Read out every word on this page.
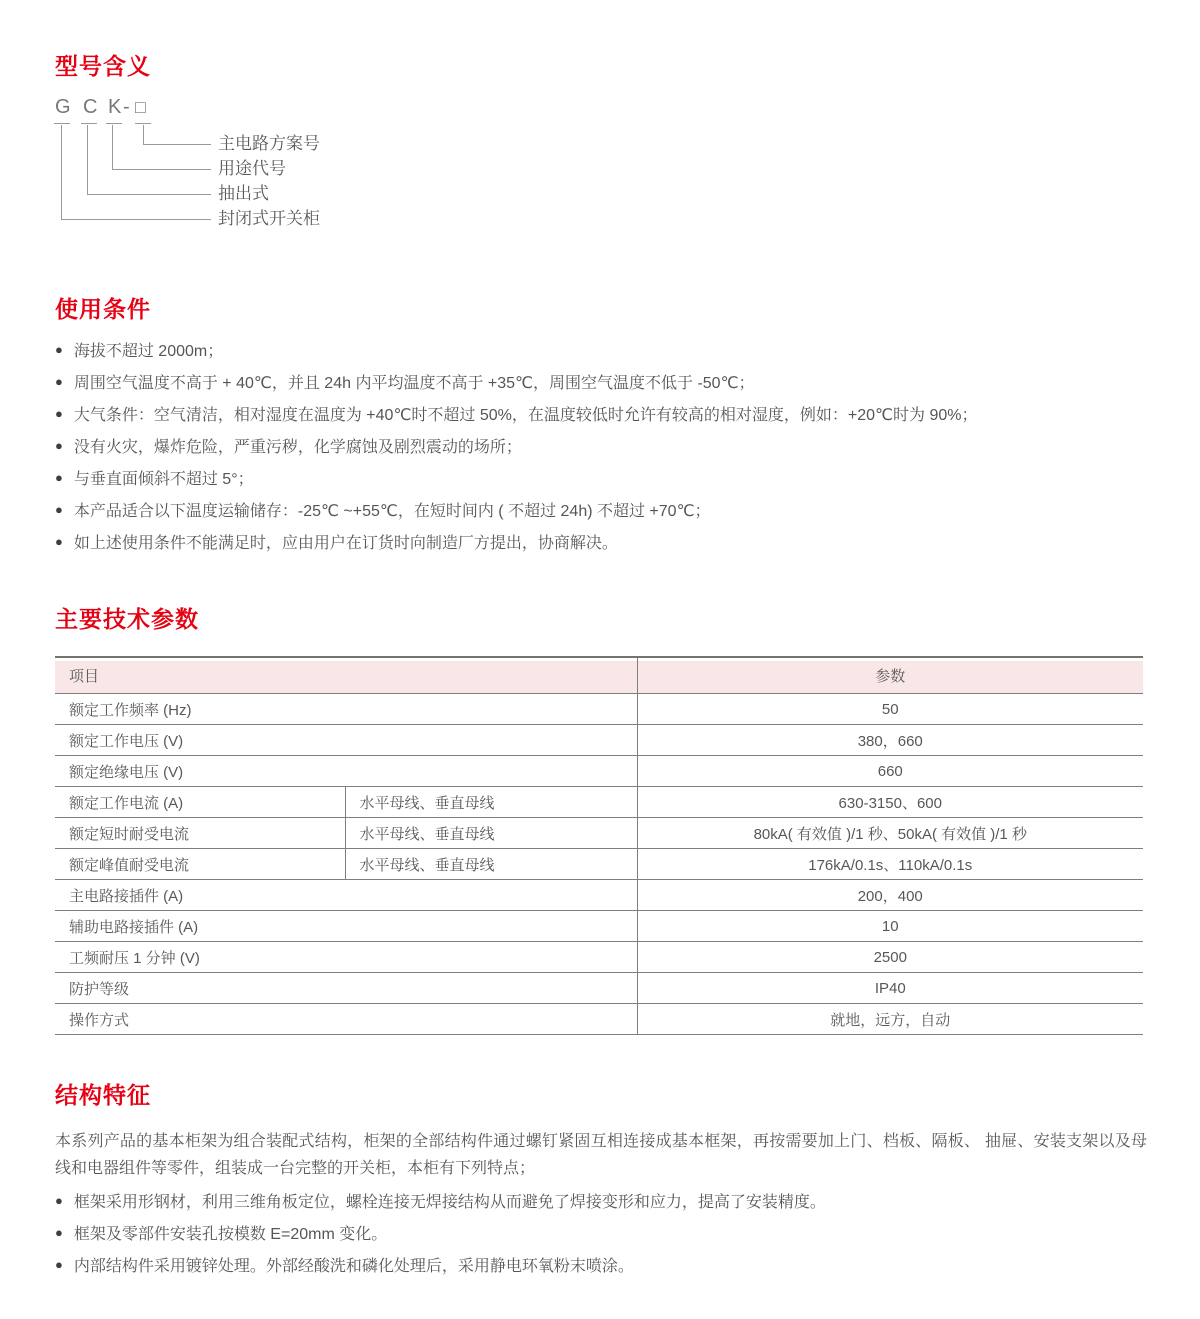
型号含义
G C K - □
主电路方案号
用途代号
抽出式
封闭式开关柜
使用条件
● 海拔不超过 2000m；
● 周围空气温度不高于 + 40℃，并且 24h 内平均温度不高于 +35℃，周围空气温度不低于 -50℃；
● 大气条件：空气清洁，相对湿度在温度为 +40℃时不超过 50%，在温度较低时允许有较高的相对湿度，例如：+20℃时为 90%；
● 没有火灾，爆炸危险，严重污秽，化学腐蚀及剧烈震动的场所；
● 与垂直面倾斜不超过 5°；
● 本产品适合以下温度运输储存：-25℃ ~+55℃，在短时间内 ( 不超过 24h) 不超过 +70℃；
● 如上述使用条件不能满足时，应由用户在订货时向制造厂方提出，协商解决。
主要技术参数
项目		参数
额定工作频率 (Hz)		50
额定工作电压 (V)		380，660
额定绝缘电压 (V)		660
额定工作电流 (A)	水平母线、垂直母线	630-3150、600
额定短时耐受电流	水平母线、垂直母线	80kA( 有效值 )/1 秒、50kA( 有效值 )/1 秒
额定峰值耐受电流	水平母线、垂直母线	176kA/0.1s、110kA/0.1s
主电路接插件 (A)		200，400
辅助电路接插件 (A)		10
工频耐压 1 分钟 (V)		2500
防护等级		IP40
操作方式		就地，远方，自动
结构特征

本系列产品的基本柜架为组合装配式结构，柜架的全部结构件通过螺钉紧固互相连接成基本框架，再按需要加上门、档板、隔板、 抽屉、安装支架以及母线和电器组件等零件，组装成一台完整的开关柜，本柜有下列特点；

● 框架采用形钢材，利用三维角板定位，螺栓连接无焊接结构从而避免了焊接变形和应力，提高了安装精度。
● 框架及零部件安装孔按模数 E=20mm 变化。
● 内部结构件采用镀锌处理。外部经酸洗和磷化处理后，采用静电环氧粉末喷涂。
